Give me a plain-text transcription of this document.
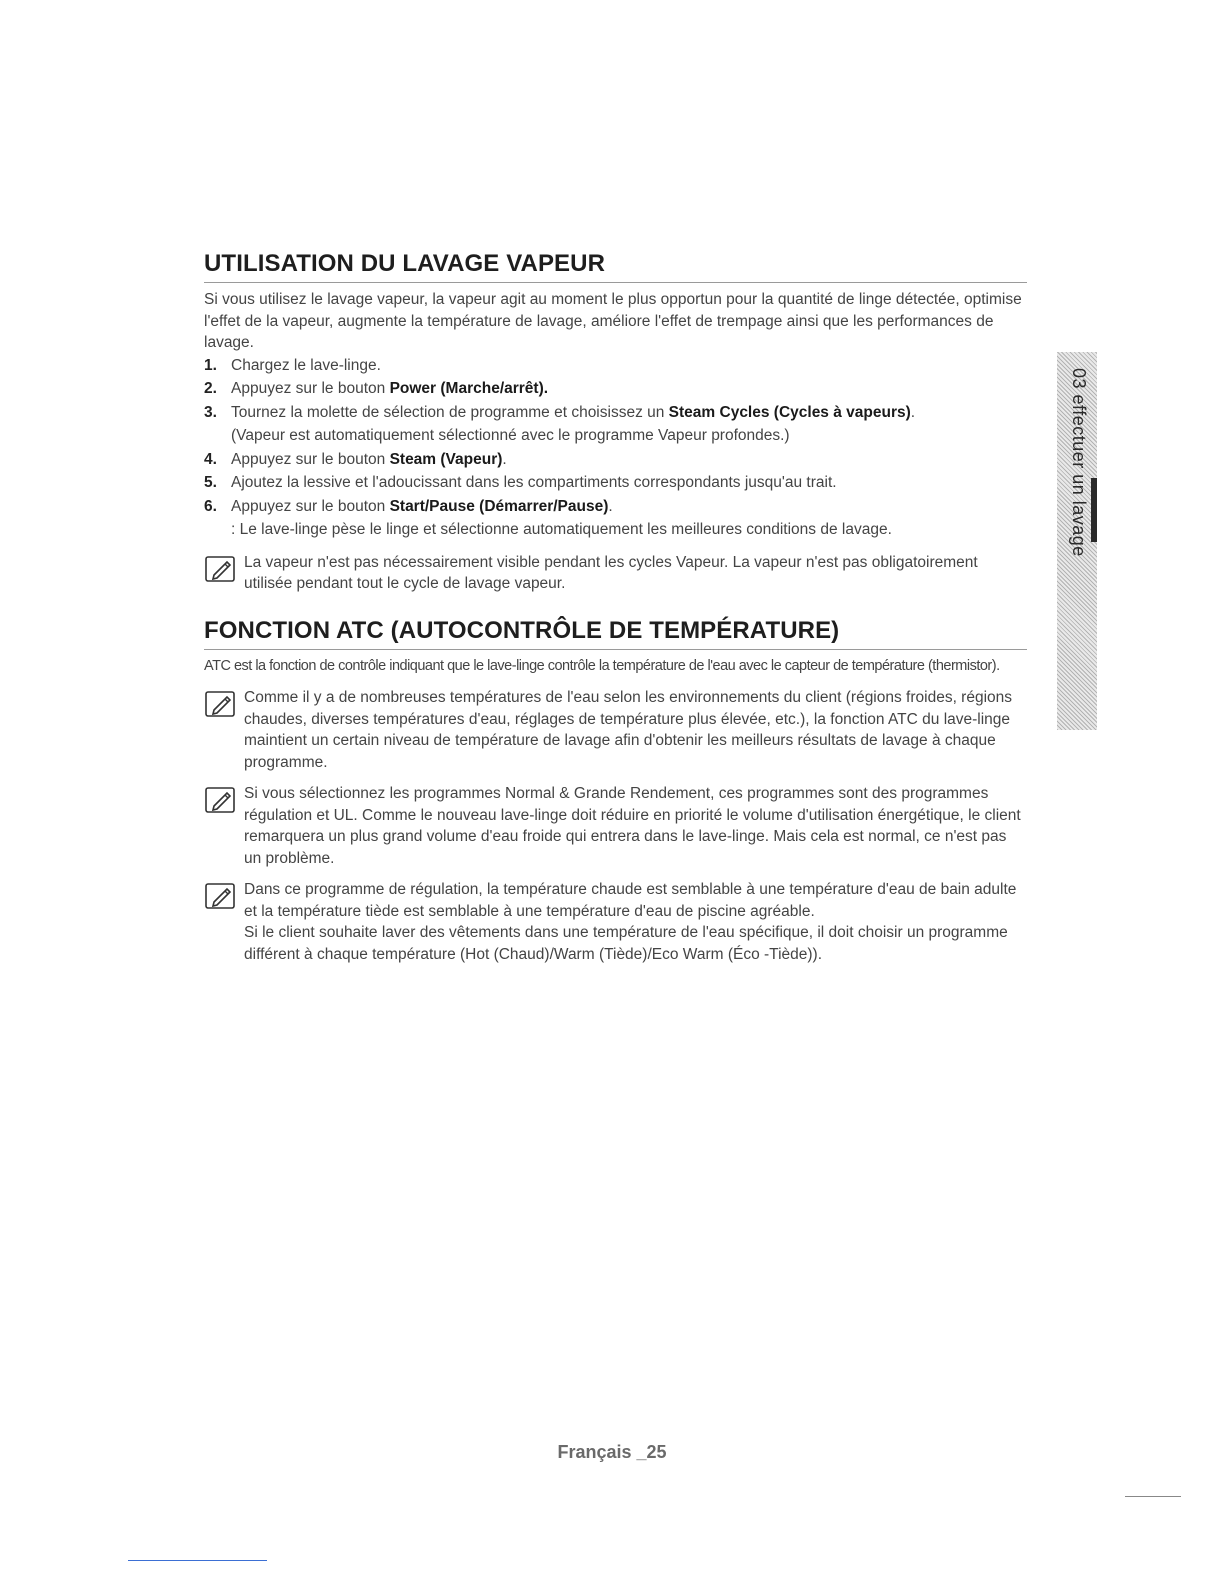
03 effectuer un lavage
UTILISATION DU LAVAGE VAPEUR

Si vous utilisez le lavage vapeur, la vapeur agit au moment le plus opportun pour la quantité de linge détectée, optimise l'effet de la vapeur, augmente la température de lavage, améliore l'effet de trempage ainsi que les performances de lavage.

1. Chargez le lave-linge.
2. Appuyez sur le bouton Power (Marche/arrêt).
3. Tournez la molette de sélection de programme et choisissez un Steam Cycles (Cycles à vapeurs).
(Vapeur est automatiquement sélectionné avec le programme Vapeur profondes.)
4. Appuyez sur le bouton Steam (Vapeur).
5. Ajoutez la lessive et l'adoucissant dans les compartiments correspondants jusqu'au trait.
6. Appuyez sur le bouton Start/Pause (Démarrer/Pause).
: Le lave-linge pèse le linge et sélectionne automatiquement les meilleures conditions de lavage.
La vapeur n'est pas nécessairement visible pendant les cycles Vapeur. La vapeur n'est pas obligatoirement utilisée pendant tout le cycle de lavage vapeur.
FONCTION ATC (AUTOCONTRÔLE DE TEMPÉRATURE)

ATC est la fonction de contrôle indiquant que le lave-linge contrôle la température de l'eau avec le capteur de température (thermistor).

Comme il y a de nombreuses températures de l'eau selon les environnements du client (régions froides, régions chaudes, diverses températures d'eau, réglages de température plus élevée, etc.), la fonction ATC du lave-linge maintient un certain niveau de température de lavage afin d'obtenir les meilleurs résultats de lavage à chaque programme.
Si vous sélectionnez les programmes Normal & Grande Rendement, ces programmes sont des programmes régulation et UL. Comme le nouveau lave-linge doit réduire en priorité le volume d'utilisation énergétique, le client remarquera un plus grand volume d'eau froide qui entrera dans le lave-linge. Mais cela est normal, ce n'est pas un problème.
Dans ce programme de régulation, la température chaude est semblable à une température d'eau de bain adulte et la température tiède est semblable à une température d'eau de piscine agréable.
Si le client souhaite laver des vêtements dans une température de l'eau spécifique, il doit choisir un programme différent à chaque température (Hot (Chaud)/Warm (Tiède)/Eco Warm (Éco -Tiède)).
Français _25
